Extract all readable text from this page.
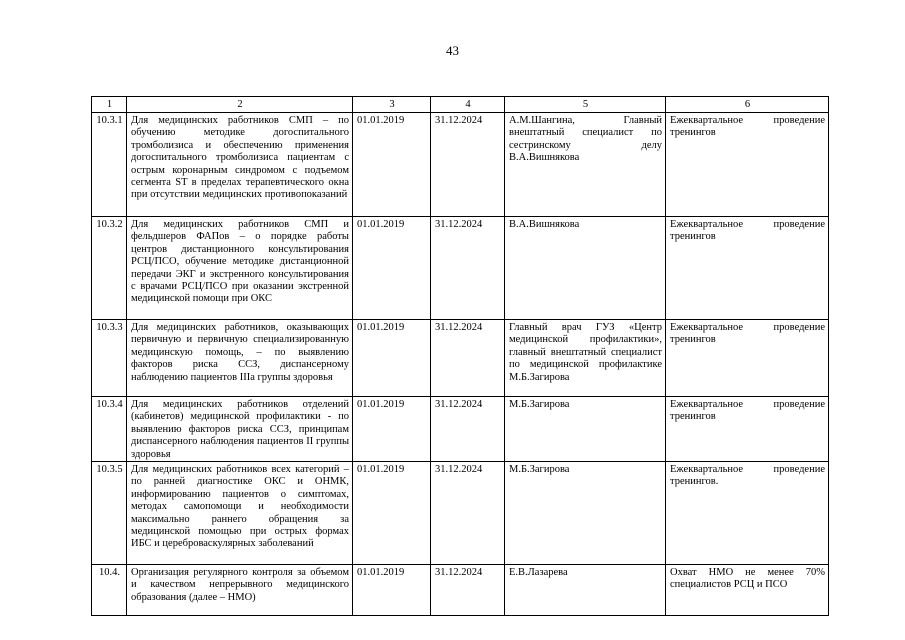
43
1	2	3	4	5	6
10.3.1	Для медицинских работников СМП – по обучению методике догоспитального тромболизиса и обеспечению применения догоспитального тромболизиса пациентам с острым коронарным синдромом с подъемом сегмента ST в пределах терапевтического окна при отсутствии медицинских противопоказаний	01.01.2019	31.12.2024	А.М.Шангина, Главный внештатный специалист по сестринскому делу В.А.Вишнякова	Ежеквартальное проведение тренингов
10.3.2	Для медицинских работников СМП и фельдшеров ФАПов – о порядке работы центров дистанционного консультирования РСЦ/ПСО, обучение методике дистанционной передачи ЭКГ и экстренного консультирования с врачами РСЦ/ПСО при оказании экстренной медицинской помощи при ОКС	01.01.2019	31.12.2024	В.А.Вишнякова	Ежеквартальное проведение тренингов
10.3.3	Для медицинских работников, оказывающих первичную и первичную специализированную медицинскую помощь, – по выявлению факторов риска ССЗ, диспансерному наблюдению пациентов IIIa группы здоровья	01.01.2019	31.12.2024	Главный врач ГУЗ «Центр медицинской профилактики», главный внештатный специалист по медицинской профилактике М.Б.Загирова	Ежеквартальное проведение тренингов
10.3.4	Для медицинских работников отделений (кабинетов) медицинской профилактики - по выявлению факторов риска ССЗ, принципам диспансерного наблюдения пациентов II группы здоровья	01.01.2019	31.12.2024	М.Б.Загирова	Ежеквартальное проведение тренингов
10.3.5	Для медицинских работников всех категорий – по ранней диагностике ОКС и ОНМК, информированию пациентов о симптомах, методах самопомощи и необходимости максимально раннего обращения за медицинской помощью при острых формах ИБС и цереброваскулярных заболеваний	01.01.2019	31.12.2024	М.Б.Загирова	Ежеквартальное проведение тренингов.
10.4.	Организация регулярного контроля за объемом и качеством непрерывного медицинского образования (далее – НМО)	01.01.2019	31.12.2024	Е.В.Лазарева	Охват НМО не менее 70% специалистов РСЦ и ПСО
